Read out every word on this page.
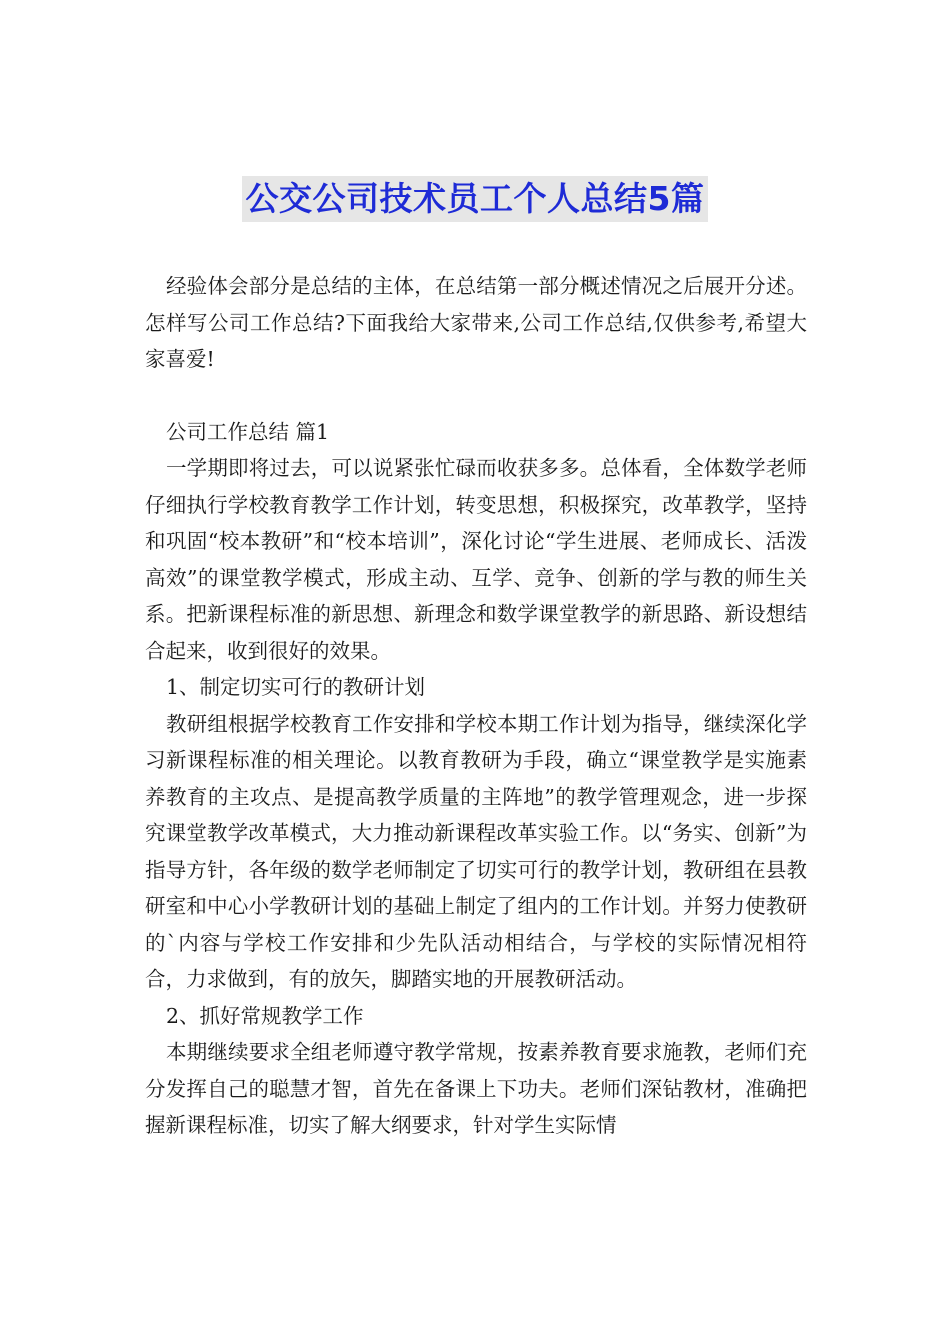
公交公司技术员工个人总结5篇

经验体会部分是总结的主体，在总结第一部分概述情况之后展开分述。怎样写公司工作总结?下面我给大家带来,公司工作总结,仅供参考,希望大家喜爱!

公司工作总结 篇1

一学期即将过去，可以说紧张忙碌而收获多多。总体看，全体数学老师仔细执行学校教育教学工作计划，转变思想，积极探究，改革教学，坚持和巩固“校本教研”和“校本培训”，深化讨论“学生进展、老师成长、活泼高效”的课堂教学模式，形成主动、互学、竞争、创新的学与教的师生关系。把新课程标准的新思想、新理念和数学课堂教学的新思路、新设想结合起来，收到很好的效果。

1、制定切实可行的教研计划

教研组根据学校教育工作安排和学校本期工作计划为指导，继续深化学习新课程标准的相关理论。以教育教研为手段，确立“课堂教学是实施素养教育的主攻点、是提高教学质量的主阵地”的教学管理观念，进一步探究课堂教学改革模式，大力推动新课程改革实验工作。以“务实、创新”为指导方针，各年级的数学老师制定了切实可行的教学计划，教研组在县教研室和中心小学教研计划的基础上制定了组内的工作计划。并努力使教研的`内容与学校工作安排和少先队活动相结合，与学校的实际情况相符合，力求做到，有的放矢，脚踏实地的开展教研活动。

2、抓好常规教学工作

本期继续要求全组老师遵守教学常规，按素养教育要求施教，老师们充分发挥自己的聪慧才智，首先在备课上下功夫。老师们深钻教材，准确把握新课程标准，切实了解大纲要求，针对学生实际情
